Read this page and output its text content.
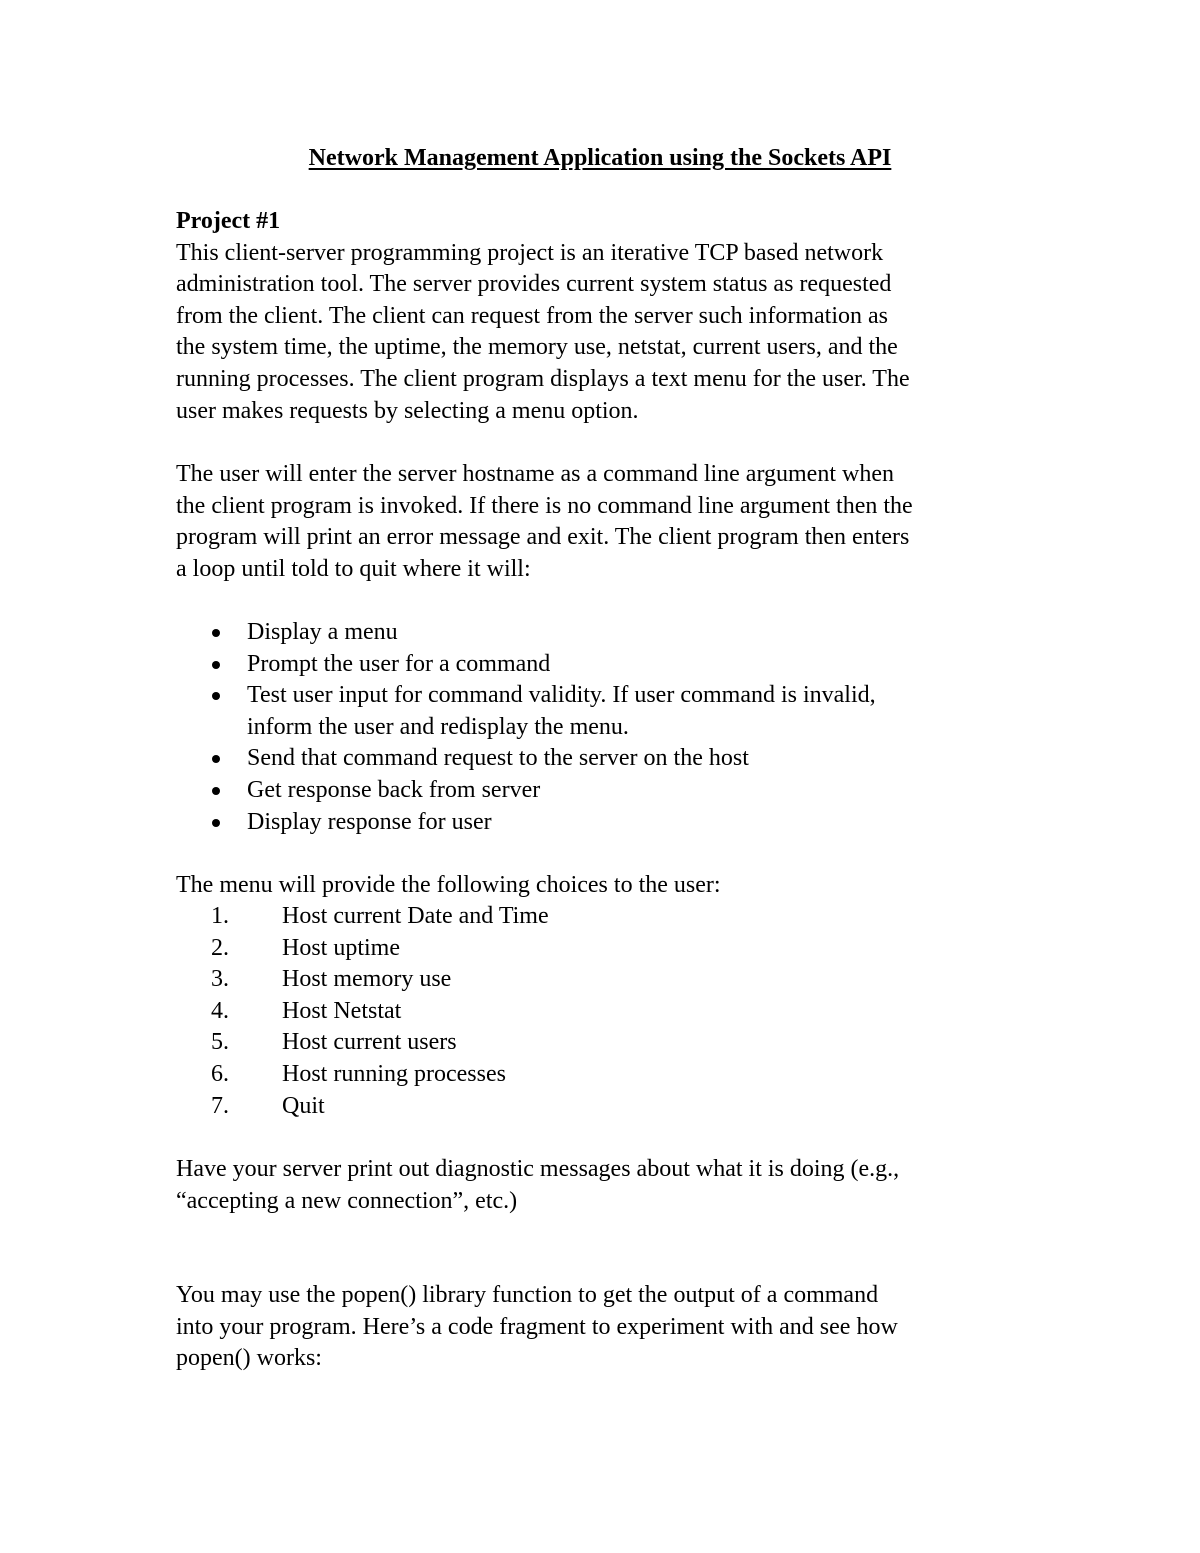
Network Management Application using the Sockets API

Project #1

This client-server programming project is an iterative TCP based network

administration tool. The server provides current system status as requested

from the client. The client can request from the server such information as

the system time, the uptime, the memory use, netstat, current users, and the

running processes. The client program displays a text menu for the user. The

user makes requests by selecting a menu option.

The user will enter the server hostname as a command line argument when

the client program is invoked. If there is no command line argument then the

program will print an error message and exit. The client program then enters

a loop until told to quit where it will:

Display a menu
Prompt the user for a command
Test user input for command validity. If user command is invalid,
inform the user and redisplay the menu.
Send that command request to the server on the host
Get response back from server
Display response for user

The menu will provide the following choices to the user:

1. Host current Date and Time
2. Host uptime
3. Host memory use
4. Host Netstat
5. Host current users
6. Host running processes
7. Quit

Have your server print out diagnostic messages about what it is doing (e.g.,

“accepting a new connection”, etc.)

You may use the popen() library function to get the output of a command

into your program. Here’s a code fragment to experiment with and see how

popen() works:
